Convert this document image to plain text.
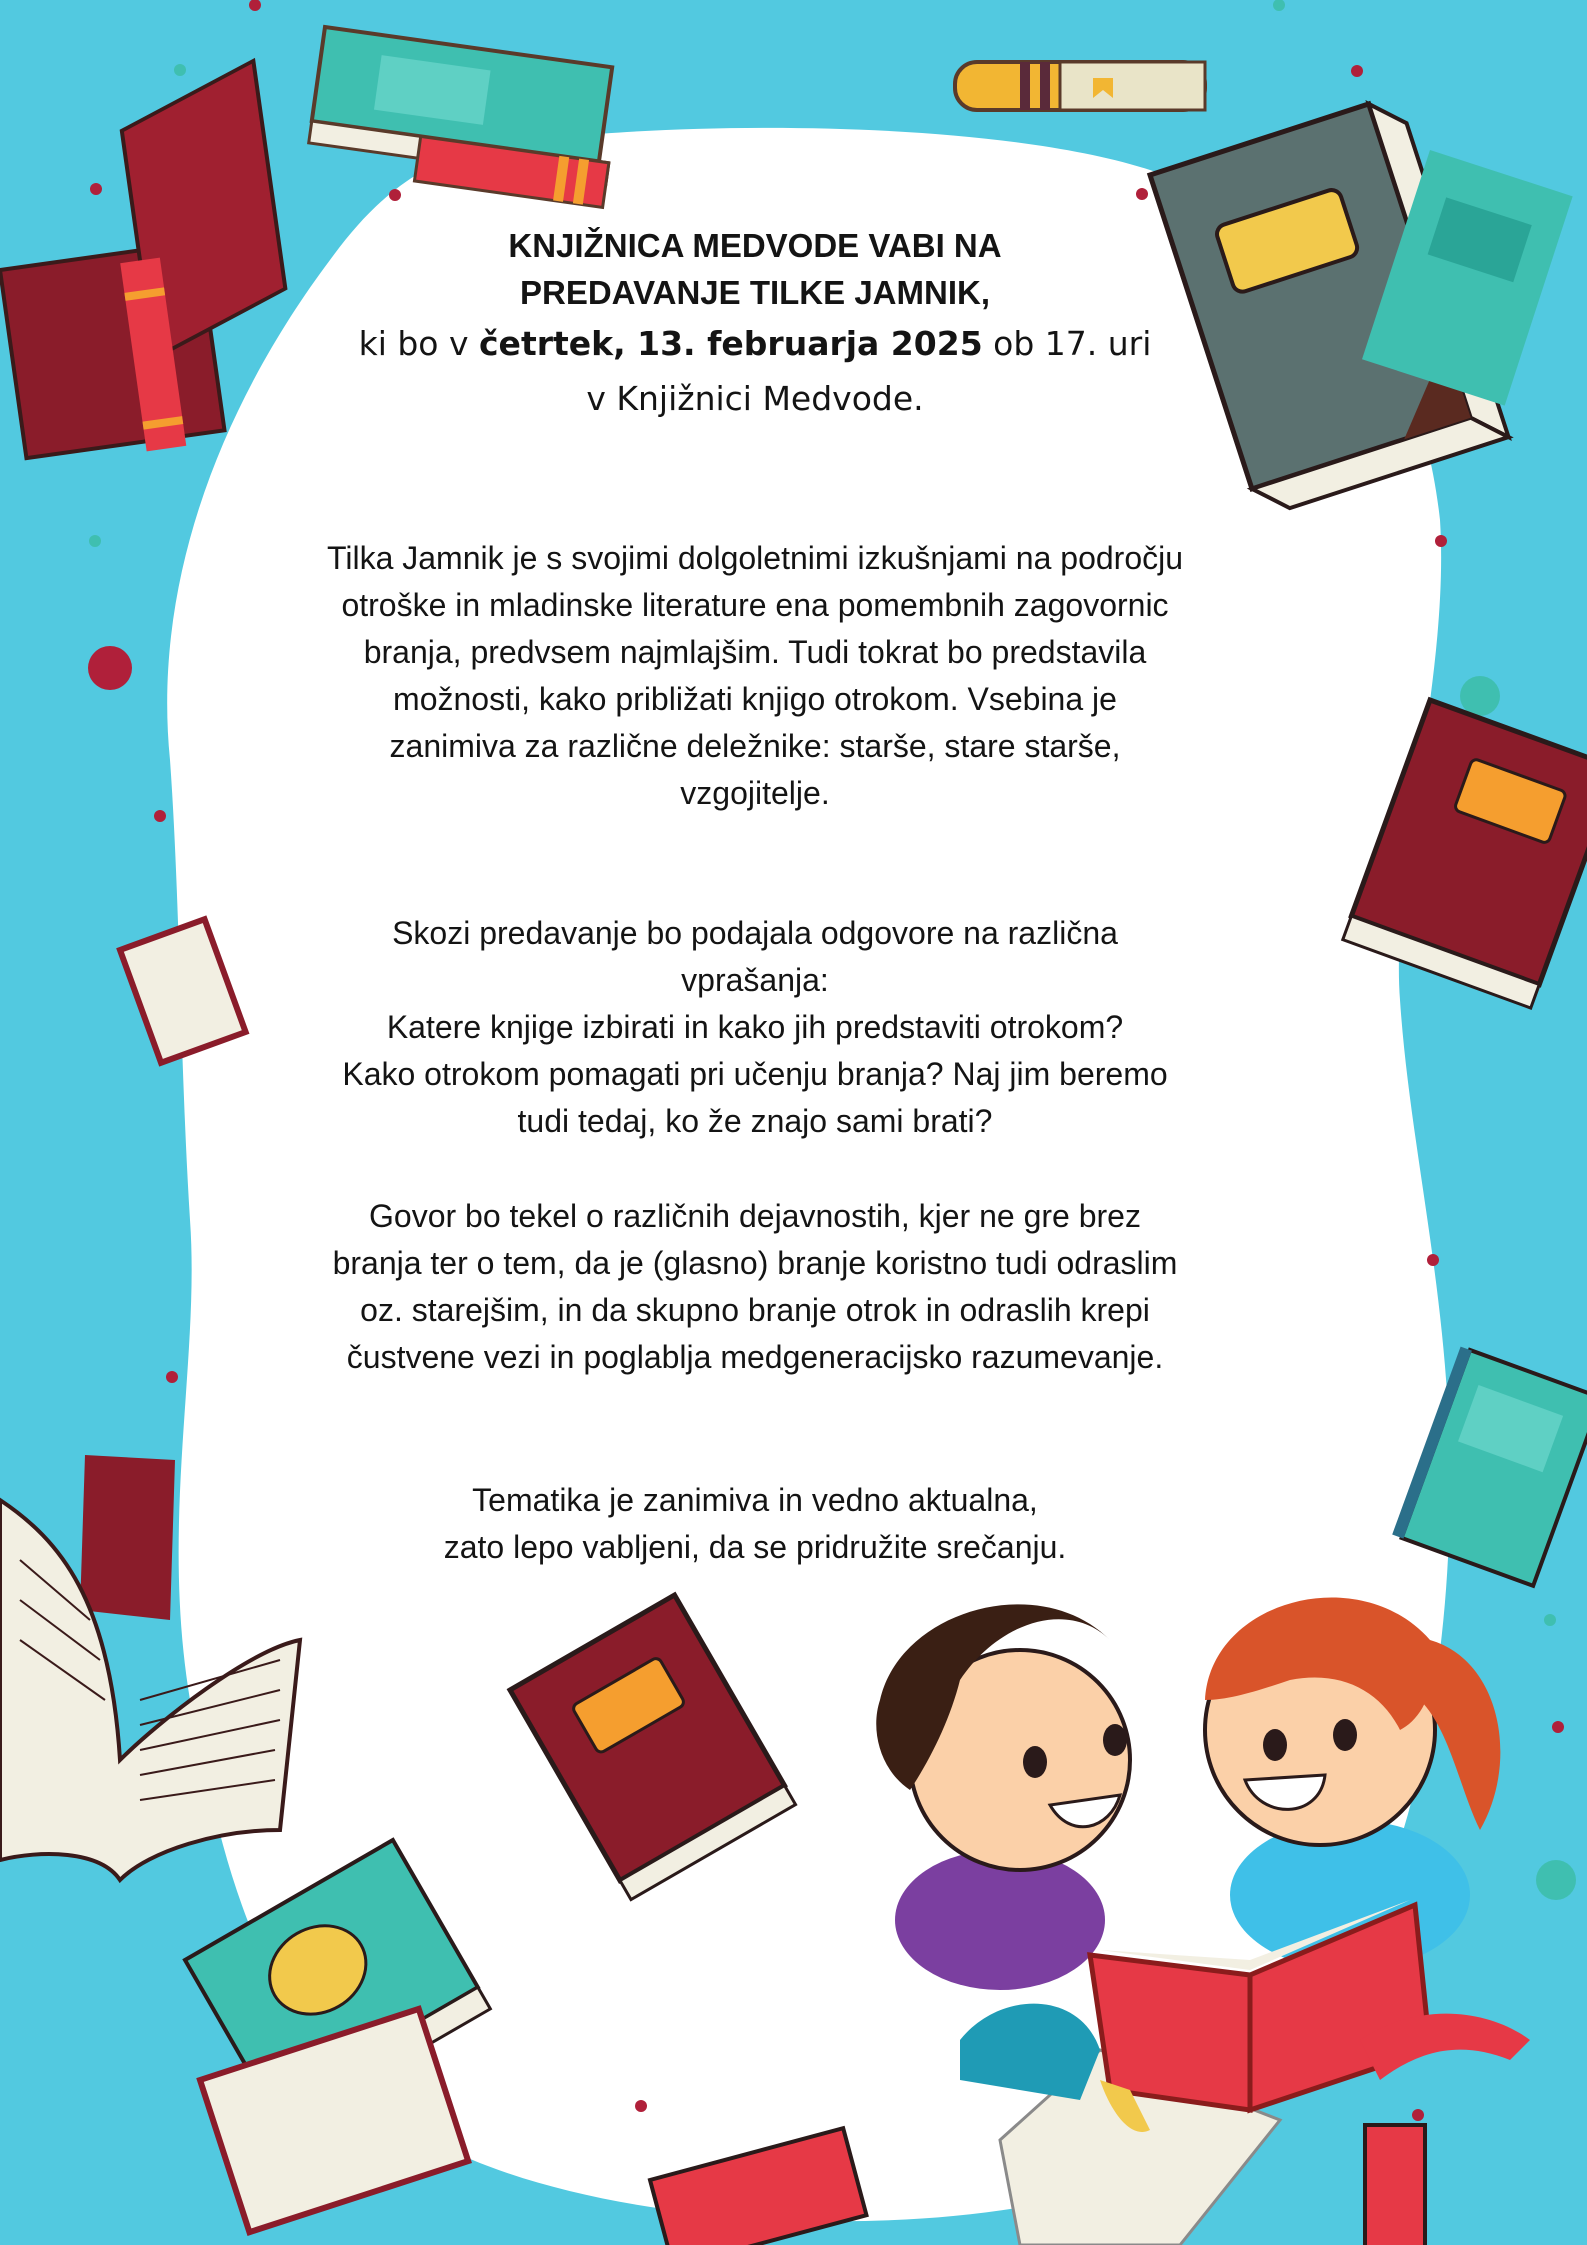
KNJIŽNICA MEDVODE VABI NA
PREDAVANJE TILKE JAMNIK,
ki bo v četrtek, 13. februarja 2025 ob 17. uri
v Knjižnici Medvode.
Tilka Jamnik je s svojimi dolgoletnimi izkušnjami na področju
otroške in mladinske literature ena pomembnih zagovornic
branja, predvsem najmlajšim. Tudi tokrat bo predstavila
možnosti, kako približati knjigo otrokom. Vsebina je
zanimiva za različne deležnike: starše, stare starše,
vzgojitelje.
Skozi predavanje bo podajala odgovore na različna
vprašanja:
Katere knjige izbirati in kako jih predstaviti otrokom?
Kako otrokom pomagati pri učenju branja? Naj jim beremo
tudi tedaj, ko že znajo sami brati?
Govor bo tekel o različnih dejavnostih, kjer ne gre brez
branja ter o tem, da je (glasno) branje koristno tudi odraslim
oz. starejšim, in da skupno branje otrok in odraslih krepi
čustvene vezi in poglablja medgeneracijsko razumevanje.
Tematika je zanimiva in vedno aktualna,
zato lepo vabljeni, da se pridružite srečanju.
